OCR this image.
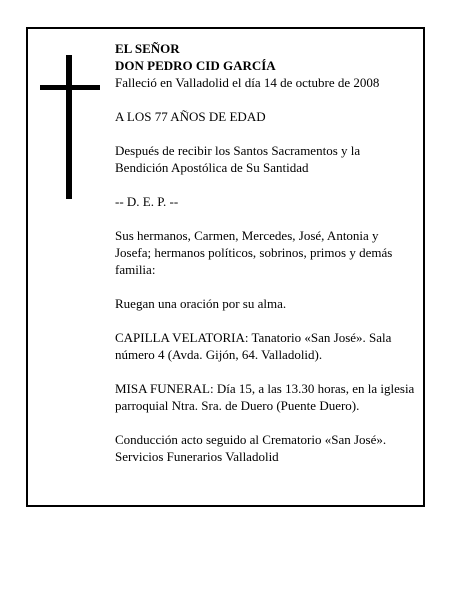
EL SEÑOR

DON PEDRO CID GARCÍA

Falleció en Valladolid el día 14 de octubre de 2008

A LOS 77 AÑOS DE EDAD

Después de recibir los Santos Sacramentos y la Bendición Apostólica de Su Santidad

-- D. E. P. --

Sus hermanos, Carmen, Mercedes, José, Antonia y Josefa; hermanos políticos, sobrinos, primos y demás familia:

Ruegan una oración por su alma.

CAPILLA VELATORIA: Tanatorio «San José». Sala número 4 (Avda. Gijón, 64. Valladolid).

MISA FUNERAL: Día 15, a las 13.30 horas, en la iglesia parroquial Ntra. Sra. de Duero (Puente Duero).

Conducción acto seguido al Crematorio «San José».

Servicios Funerarios Valladolid
